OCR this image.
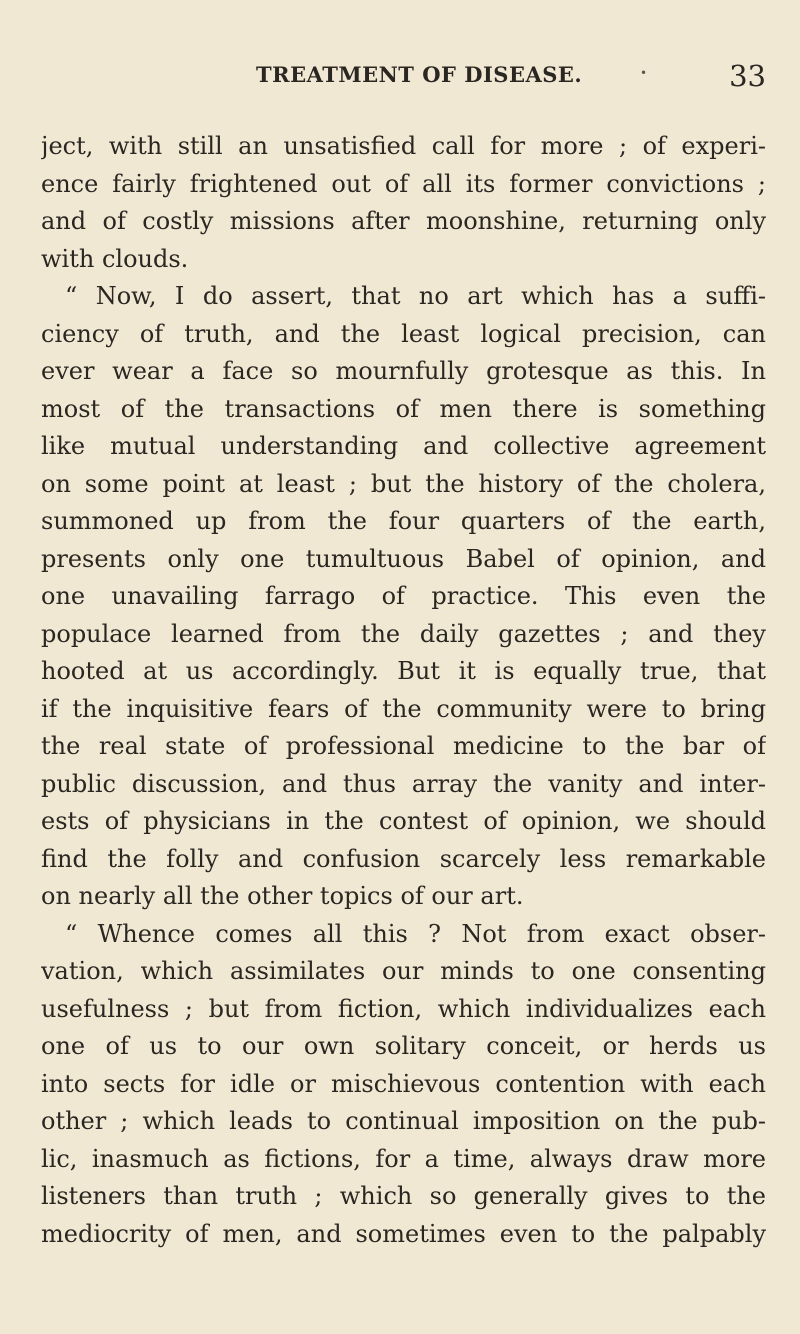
TREATMENT OF DISEASE.	•	33
ject, with still an unsatisfied call for more ; of experi-
ence fairly frightened out of all its former convictions ;
and of costly missions after moonshine, returning only
with clouds.
“ Now, I do assert, that no art which has a suffi-
ciency of truth, and the least logical precision, can
ever wear a face so mournfully grotesque as this. In
most of the transactions of men there is something
like mutual understanding and collective agreement
on some point at least ; but the history of the cholera,
summoned up from the four quarters of the earth,
presents only one tumultuous Babel of opinion, and
one unavailing farrago of practice. This even the
populace learned from the daily gazettes ; and they
hooted at us accordingly. But it is equally true, that
if the inquisitive fears of the community were to bring
the real state of professional medicine to the bar of
public discussion, and thus array the vanity and inter-
ests of physicians in the contest of opinion, we should
find the folly and confusion scarcely less remarkable
on nearly all the other topics of our art.
“ Whence comes all this ? Not from exact obser-
vation, which assimilates our minds to one consenting
usefulness ; but from fiction, which individualizes each
one of us to our own solitary conceit, or herds us
into sects for idle or mischievous contention with each
other ; which leads to continual imposition on the pub-
lic, inasmuch as fictions, for a time, always draw more
listeners than truth ; which so generally gives to the
mediocrity of men, and sometimes even to the palpably
